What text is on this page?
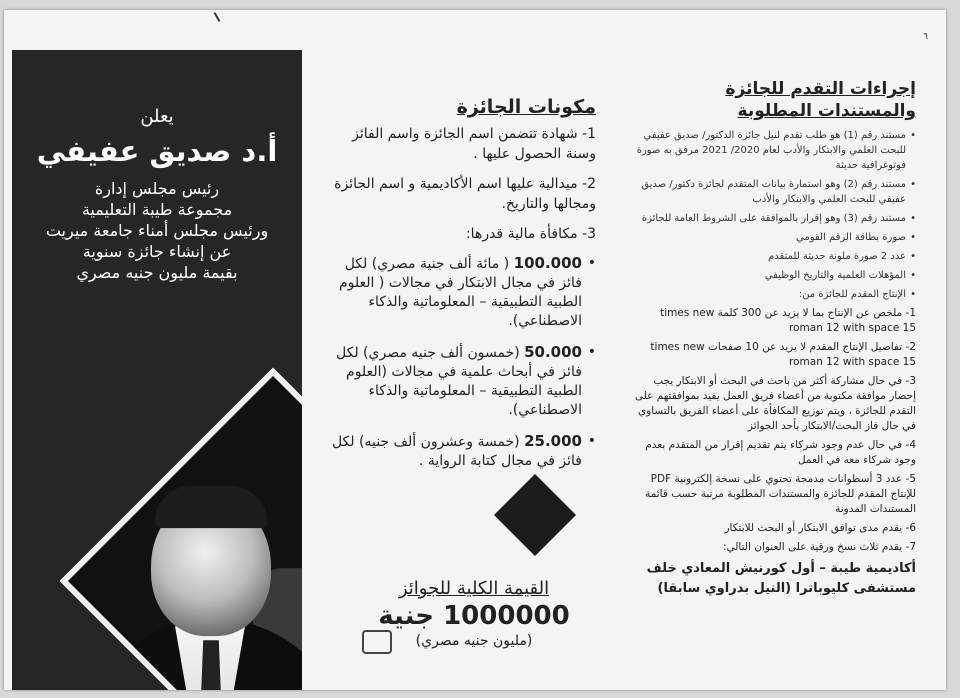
٦
يعلن
أ.د صديق عفيفي
رئيس مجلس إدارة
مجموعة طيبة التعليمية
ورئيس مجلس أمناء جامعة ميريت
عن إنشاء جائزة سنوية
بقيمة مليون جنيه مصري
مكونات الجائزة

1- شهادة تتضمن اسم الجائزة واسم الفائز وسنة الحصول عليها .

2- ميدالية عليها اسم الأكاديمية و اسم الجائزة ومجالها والتاريخ.

3- مكافأة مالية قدرها:

• 100.000 ( مائة ألف جنية مصري) لكل فائز في مجال الابتكار في مجالات ( العلوم الطبية التطبيقية – المعلوماتية والذكاء الاصطناعي).
• 50.000 (خمسون ألف جنيه مصري) لكل فائز في أبحاث علمية في مجالات (العلوم الطبية التطبيقية – المعلوماتية والذكاء الاصطناعي).
• 25.000 (خمسة وعشرون ألف جنيه) لكل فائز في مجال كتابة الرواية .
القيمة الكلية للجوائز
1000000 جنية
(مليون جنيه مصري)
إجراءات التقدم للجائزة
والمستندات المطلوبة
• مستند رقم (1) هو طلب تقدم لنيل جائزة الدكتور/ صديق عفيفي للبحث العلمي والابتكار والأدب لعام 2020/ 2021 مرفق به صورة فوتوغرافية حديثة
• مستند رقم (2) وهو استمارة بيانات المتقدم لجائزة دكتور/ صديق عفيفي للبحث العلمي والابتكار والأدب
• مستند رقم (3) وهو إقرار بالموافقة على الشروط العامة للجائزة
• صورة بطاقة الرقم القومي
• عدد 2 صورة ملونة حديثة للمتقدم
• المؤهلات العلمية والتاريخ الوظيفي
• الإنتاج المقدم للجائزة من:
1- ملخص عن الإنتاج بما لا يزيد عن 300 كلمة times new roman 12 with space 15
2- تفاصيل الإنتاج المقدم لا يزيد عن 10 صفحات times new roman 12 with space 15
3- في حال مشاركة أكثر من باحث في البحث أو الابتكار يجب إحضار موافقة مكتوبة من أعضاء فريق العمل يفيد بموافقتهم على التقدم للجائزة ، ويتم توزيع المكافأة على أعضاء الفريق بالتساوي في حال فاز البحث/الابتكار بأحد الجوائز
4- في حال عدم وجود شركاء يتم تقديم إقرار من المتقدم بعدم وجود شركاء معه في العمل
5- عدد 3 أسطوانات مدمجة تحتوي على نسخة إلكترونية PDF للإنتاج المقدم للجائزة والمستندات المطلوبة مرتبة حسب قائمة المستندات المدونة
6- يقدم مدى توافق الابتكار أو البحث للابتكار
7- يقدم ثلاث نسخ ورقية على العنوان التالي:
أكاديمية طيبة – أول كورنيش المعادي خلف مستشفى كليوباترا (النيل بدراوي سابقا)
